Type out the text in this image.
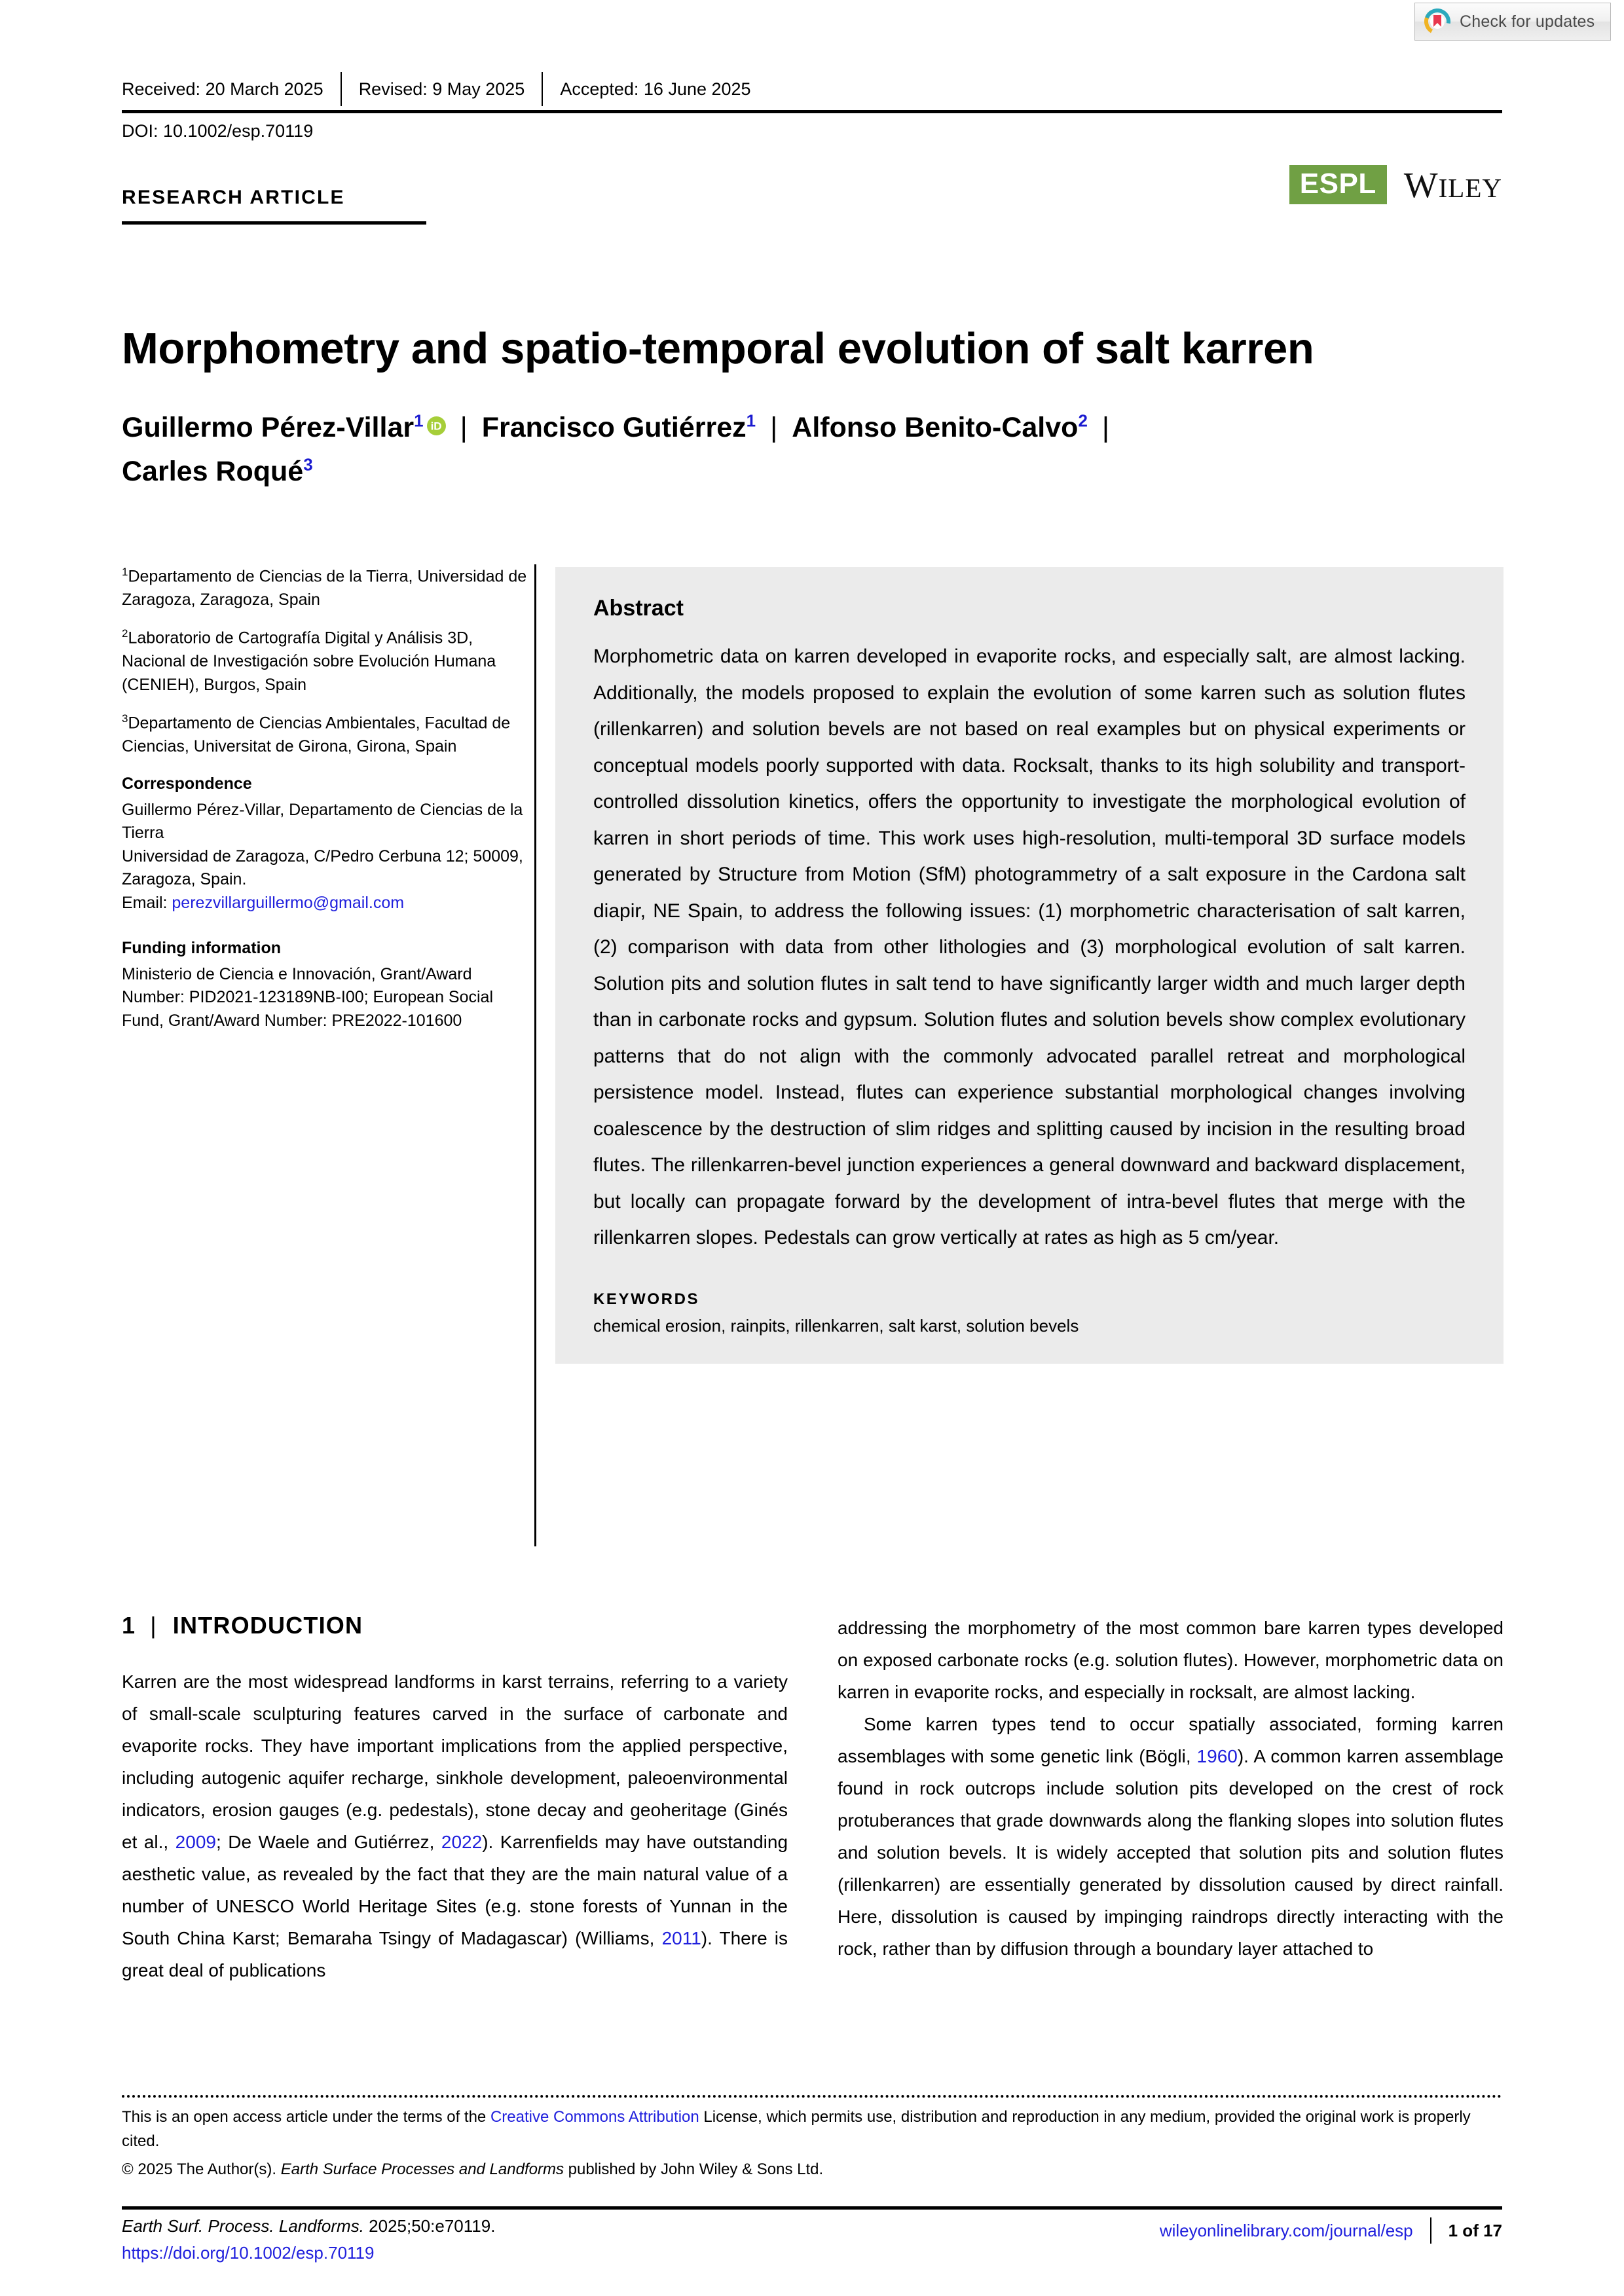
Check for updates
Received: 20 March 2025	Revised: 9 May 2025	Accepted: 16 June 2025
DOI: 10.1002/esp.70119
RESEARCH ARTICLE	ESPL WILEY
Morphometry and spatio-temporal evolution of salt karren
Guillermo Pérez-Villar$^1$ iD | Francisco Gutiérrez$^1$ | Alfonso Benito-Calvo$^2$ |
Carles Roqué$^3$

$^1$Departamento de Ciencias de la Tierra, Universidad de Zaragoza, Zaragoza, Spain

$^2$Laboratorio de Cartografía Digital y Análisis 3D, Nacional de Investigación sobre Evolución Humana (CENIEH), Burgos, Spain

$^3$Departamento de Ciencias Ambientales, Facultad de Ciencias, Universitat de Girona, Girona, Spain

Correspondence

Guillermo Pérez-Villar, Departamento de Ciencias de la Tierra

Universidad de Zaragoza, C/Pedro Cerbuna 12; 50009, Zaragoza, Spain.

Email: perezvillarguillermo@gmail.com

Funding information

Ministerio de Ciencia e Innovación, Grant/Award Number: PID2021-123189NB-I00; European Social Fund, Grant/Award Number: PRE2022-101600

Abstract

Morphometric data on karren developed in evaporite rocks, and especially salt, are almost lacking. Additionally, the models proposed to explain the evolution of some karren such as solution flutes (rillenkarren) and solution bevels are not based on real examples but on physical experiments or conceptual models poorly supported with data. Rocksalt, thanks to its high solubility and transport-controlled dissolution kinetics, offers the opportunity to investigate the morphological evolution of karren in short periods of time. This work uses high-resolution, multi-temporal 3D surface models generated by Structure from Motion (SfM) photogrammetry of a salt exposure in the Cardona salt diapir, NE Spain, to address the following issues: (1) morphometric characterisation of salt karren, (2) comparison with data from other lithologies and (3) morphological evolution of salt karren. Solution pits and solution flutes in salt tend to have significantly larger width and much larger depth than in carbonate rocks and gypsum. Solution flutes and solution bevels show complex evolutionary patterns that do not align with the commonly advocated parallel retreat and morphological persistence model. Instead, flutes can experience substantial morphological changes involving coalescence by the destruction of slim ridges and splitting caused by incision in the resulting broad flutes. The rillenkarren-bevel junction experiences a general downward and backward displacement, but locally can propagate forward by the development of intra-bevel flutes that merge with the rillenkarren slopes. Pedestals can grow vertically at rates as high as 5 cm/year.

KEYWORDS

chemical erosion, rainpits, rillenkarren, salt karst, solution bevels

1 | INTRODUCTION

Karren are the most widespread landforms in karst terrains, referring to a variety of small-scale sculpturing features carved in the surface of carbonate and evaporite rocks. They have important implications from the applied perspective, including autogenic aquifer recharge, sinkhole development, paleoenvironmental indicators, erosion gauges (e.g. pedestals), stone decay and geoheritage (Ginés et al., 2009; De Waele and Gutiérrez, 2022). Karrenfields may have outstanding aesthetic value, as revealed by the fact that they are the main natural value of a number of UNESCO World Heritage Sites (e.g. stone forests of Yunnan in the South China Karst; Bemaraha Tsingy of Madagascar) (Williams, 2011). There is great deal of publications

addressing the morphometry of the most common bare karren types developed on exposed carbonate rocks (e.g. solution flutes). However, morphometric data on karren in evaporite rocks, and especially in rocksalt, are almost lacking.

Some karren types tend to occur spatially associated, forming karren assemblages with some genetic link (Bögli, 1960). A common karren assemblage found in rock outcrops include solution pits developed on the crest of rock protuberances that grade downwards along the flanking slopes into solution flutes and solution bevels. It is widely accepted that solution pits and solution flutes (rillenkarren) are essentially generated by dissolution caused by direct rainfall. Here, dissolution is caused by impinging raindrops directly interacting with the rock, rather than by diffusion through a boundary layer attached to

This is an open access article under the terms of the Creative Commons Attribution License, which permits use, distribution and reproduction in any medium, provided the original work is properly cited.

© 2025 The Author(s). Earth Surface Processes and Landforms published by John Wiley & Sons Ltd.

Earth Surf. Process. Landforms. 2025;50:e70119.
https://doi.org/10.1002/esp.70119
wileyonlinelibrary.com/journal/esp 1 of 17
